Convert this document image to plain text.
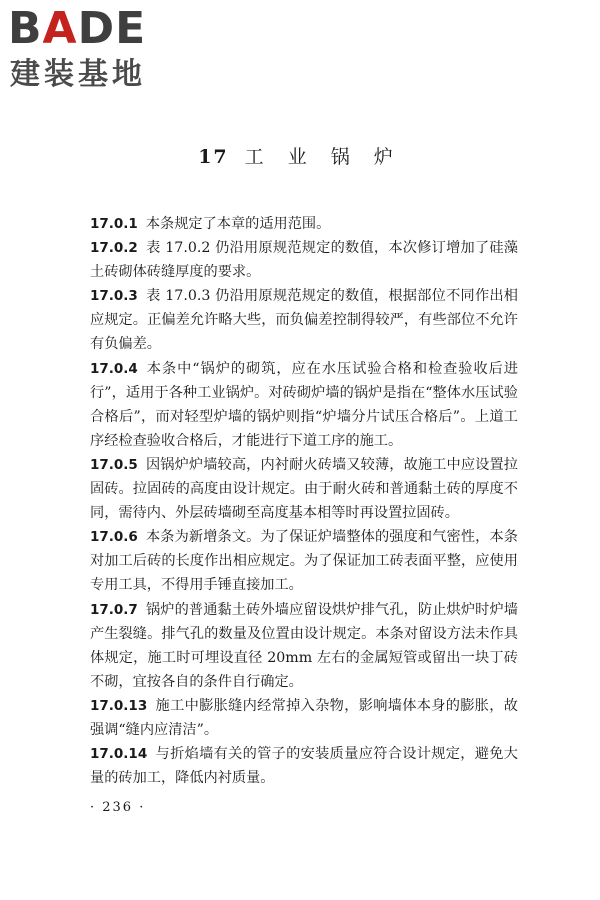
BADE
建装基地
17 工 业 锅 炉

17.0.1 本条规定了本章的适用范围。

17.0.2 表 17.0.2 仍沿用原规范规定的数值，本次修订增加了硅藻土砖砌体砖缝厚度的要求。

17.0.3 表 17.0.3 仍沿用原规范规定的数值，根据部位不同作出相应规定。正偏差允许略大些，而负偏差控制得较严，有些部位不允许有负偏差。

17.0.4 本条中“锅炉的砌筑，应在水压试验合格和检查验收后进行”，适用于各种工业锅炉。对砖砌炉墙的锅炉是指在“整体水压试验合格后”，而对轻型炉墙的锅炉则指“炉墙分片试压合格后”。上道工序经检查验收合格后，才能进行下道工序的施工。

17.0.5 因锅炉炉墙较高，内衬耐火砖墙又较薄，故施工中应设置拉固砖。拉固砖的高度由设计规定。由于耐火砖和普通黏土砖的厚度不同，需待内、外层砖墙砌至高度基本相等时再设置拉固砖。

17.0.6 本条为新增条文。为了保证炉墙整体的强度和气密性，本条对加工后砖的长度作出相应规定。为了保证加工砖表面平整，应使用专用工具，不得用手锤直接加工。

17.0.7 锅炉的普通黏土砖外墙应留设烘炉排气孔，防止烘炉时炉墙产生裂缝。排气孔的数量及位置由设计规定。本条对留设方法未作具体规定，施工时可埋设直径 20mm 左右的金属短管或留出一块丁砖不砌，宜按各自的条件自行确定。

17.0.13 施工中膨胀缝内经常掉入杂物，影响墙体本身的膨胀，故强调“缝内应清洁”。

17.0.14 与折焰墙有关的管子的安装质量应符合设计规定，避免大量的砖加工，降低内衬质量。

· 236 ·
